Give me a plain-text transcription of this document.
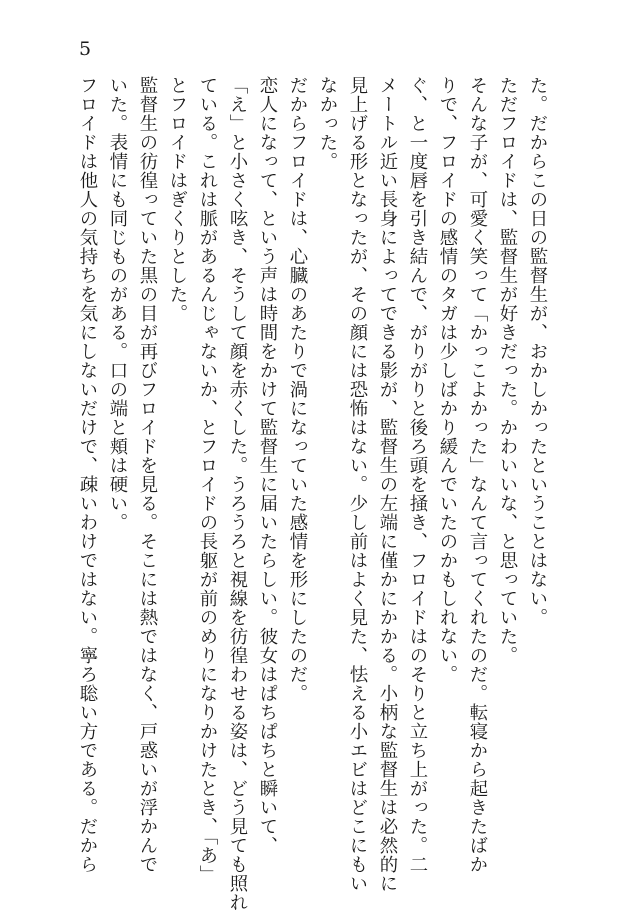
5
た。だからこの日の監督生が、おかしかったということはない。
ただフロイドは、監督生が好きだった。かわいいな、と思っていた。
そんな子が、可愛く笑って「かっこよかった」なんて言ってくれたのだ。転寝から起きたばか
りで、フロイドの感情のタガは少しばかり緩んでいたのかもしれない。
ぐ、と一度唇を引き結んで、がりがりと後ろ頭を掻き、フロイドはのそりと立ち上がった。二
メートル近い長身によってできる影が、監督生の左端に僅かにかかる。小柄な監督生は必然的に
見上げる形となったが、その顔には恐怖はない。少し前はよく見た、怯える小エビはどこにもい
なかった。
だからフロイドは、心臓のあたりで渦になっていた感情を形にしたのだ。
恋人になって、という声は時間をかけて監督生に届いたらしい。彼女はぱちぱちと瞬いて、
「え」と小さく呟き、そうして顔を赤くした。うろうろと視線を彷徨わせる姿は、どう見ても照れ
ている。これは脈があるんじゃないか、とフロイドの長躯が前のめりになりかけたとき、「あ」
とフロイドはぎくりとした。
監督生の彷徨っていた黒の目が再びフロイドを見る。そこには熱ではなく、戸惑いが浮かんで
いた。表情にも同じものがある。口の端と頬は硬い。
フロイドは他人の気持ちを気にしないだけで、疎いわけではない。寧ろ聡い方である。だから
